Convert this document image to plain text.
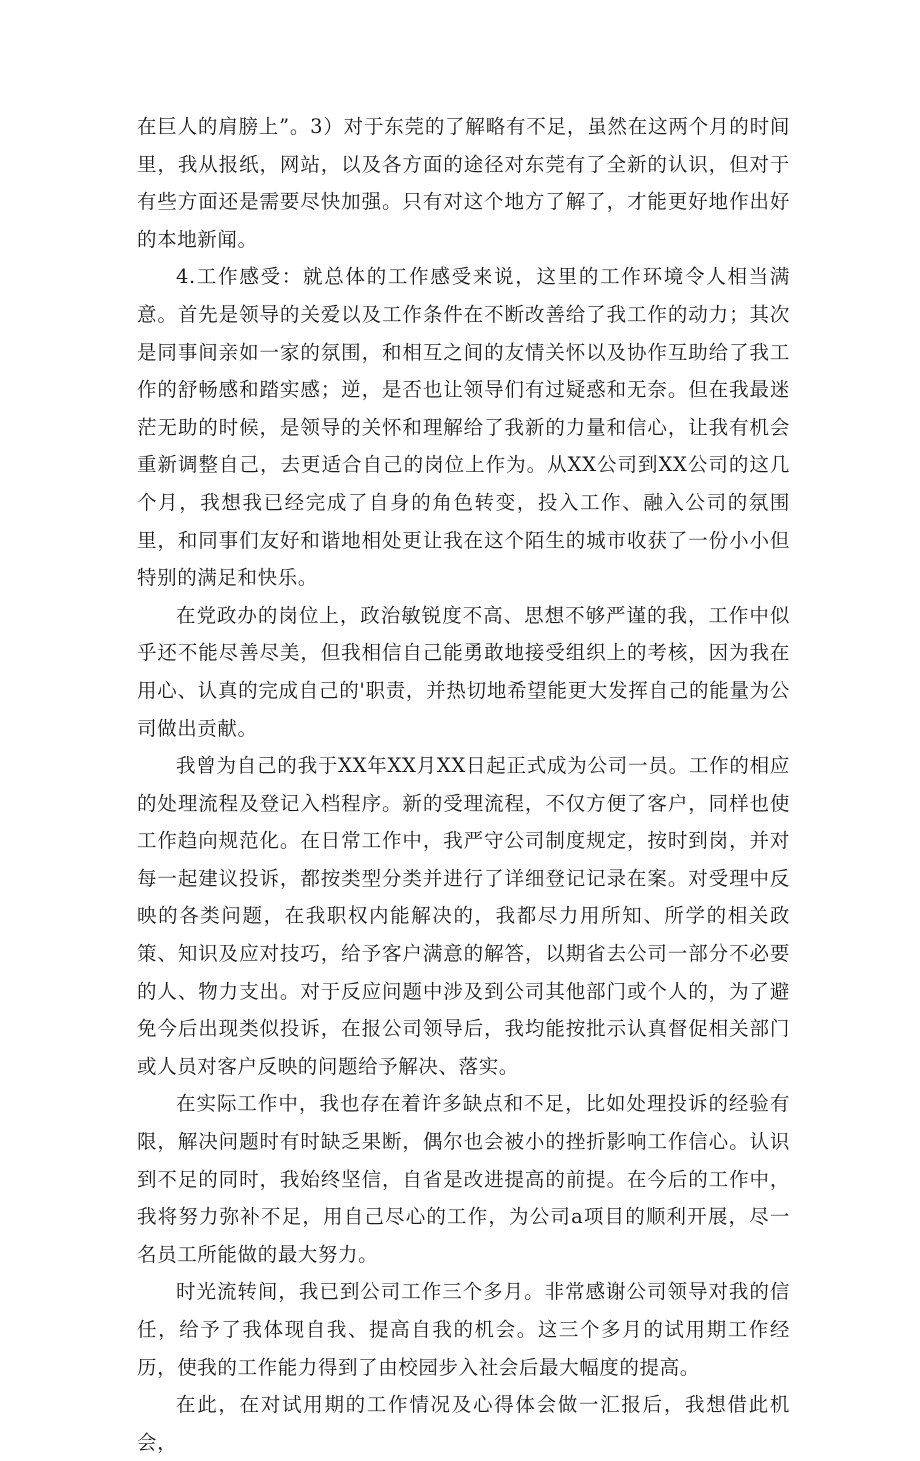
在巨人的肩膀上”。3）对于东莞的了解略有不足，虽然在这两个月的时间里，我从报纸，网站，以及各方面的途径对东莞有了全新的认识，但对于有些方面还是需要尽快加强。只有对这个地方了解了，才能更好地作出好的本地新闻。

4.工作感受：就总体的工作感受来说，这里的工作环境令人相当满意。首先是领导的关爱以及工作条件在不断改善给了我工作的动力；其次是同事间亲如一家的氛围，和相互之间的友情关怀以及协作互助给了我工作的舒畅感和踏实感；逆，是否也让领导们有过疑惑和无奈。但在我最迷茫无助的时候，是领导的关怀和理解给了我新的力量和信心，让我有机会重新调整自己，去更适合自己的岗位上作为。从XX公司到XX公司的这几个月，我想我已经完成了自身的角色转变，投入工作、融入公司的氛围里，和同事们友好和谐地相处更让我在这个陌生的城市收获了一份小小但特别的满足和快乐。

在党政办的岗位上，政治敏锐度不高、思想不够严谨的我，工作中似乎还不能尽善尽美，但我相信自己能勇敢地接受组织上的考核，因为我在用心、认真的完成自己的'职责，并热切地希望能更大发挥自己的能量为公司做出贡献。

我曾为自己的我于XX年XX月XX日起正式成为公司一员。工作的相应的处理流程及登记入档程序。新的受理流程，不仅方便了客户，同样也使工作趋向规范化。在日常工作中，我严守公司制度规定，按时到岗，并对每一起建议投诉，都按类型分类并进行了详细登记记录在案。对受理中反映的各类问题，在我职权内能解决的，我都尽力用所知、所学的相关政策、知识及应对技巧，给予客户满意的解答，以期省去公司一部分不必要的人、物力支出。对于反应问题中涉及到公司其他部门或个人的，为了避免今后出现类似投诉，在报公司领导后，我均能按批示认真督促相关部门或人员对客户反映的问题给予解决、落实。

在实际工作中，我也存在着许多缺点和不足，比如处理投诉的经验有限，解决问题时有时缺乏果断，偶尔也会被小的挫折影响工作信心。认识到不足的同时，我始终坚信，自省是改进提高的前提。在今后的工作中，我将努力弥补不足，用自己尽心的工作，为公司a项目的顺利开展，尽一名员工所能做的最大努力。

时光流转间，我已到公司工作三个多月。非常感谢公司领导对我的信任，给予了我体现自我、提高自我的机会。这三个多月的试用期工作经历，使我的工作能力得到了由校园步入社会后最大幅度的提高。

在此，在对试用期的工作情况及心得体会做一汇报后，我想借此机会，
